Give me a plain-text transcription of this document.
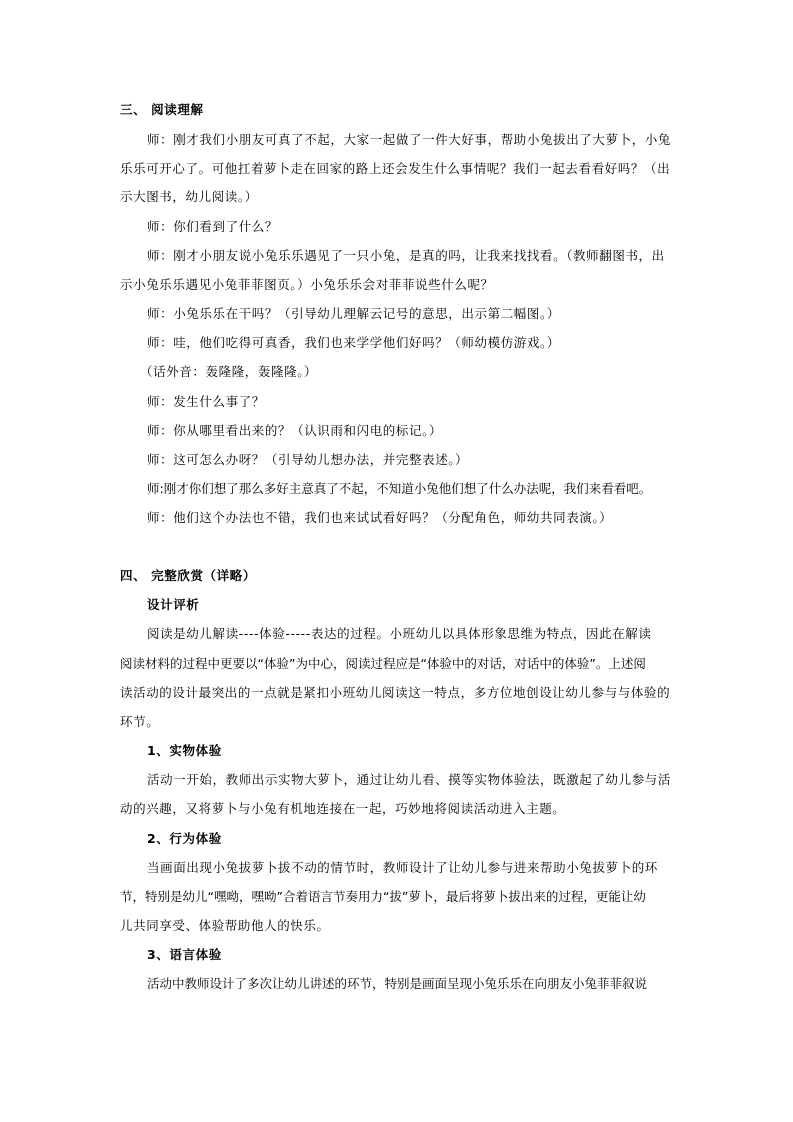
三、 阅读理解
师：刚才我们小朋友可真了不起，大家一起做了一件大好事，帮助小兔拔出了大萝卜，小兔
乐乐可开心了。可他扛着萝卜走在回家的路上还会发生什么事情呢？我们一起去看看好吗？（出
示大图书，幼儿阅读。）
师：你们看到了什么？
师：刚才小朋友说小兔乐乐遇见了一只小兔，是真的吗，让我来找找看。（教师翻图书，出
示小兔乐乐遇见小兔菲菲图页。）小兔乐乐会对菲菲说些什么呢？
师：小兔乐乐在干吗？（引导幼儿理解云记号的意思，出示第二幅图。）
师：哇，他们吃得可真香，我们也来学学他们好吗？（师幼模仿游戏。）
（话外音：轰隆隆，轰隆隆。）
师：发生什么事了？
师：你从哪里看出来的？（认识雨和闪电的标记。）
师：这可怎么办呀？（引导幼儿想办法，并完整表述。）
师:刚才你们想了那么多好主意真了不起，不知道小兔他们想了什么办法呢，我们来看看吧。
师：他们这个办法也不错，我们也来试试看好吗？（分配角色，师幼共同表演。）
四、 完整欣赏（详略）
设计评析
阅读是幼儿解读----体验-----表达的过程。小班幼儿以具体形象思维为特点，因此在解读
阅读材料的过程中更要以“体验”为中心，阅读过程应是“体验中的对话，对话中的体验”。上述阅
读活动的设计最突出的一点就是紧扣小班幼儿阅读这一特点，多方位地创设让幼儿参与与体验的
环节。
1、实物体验
活动一开始，教师出示实物大萝卜，通过让幼儿看、摸等实物体验法，既激起了幼儿参与活
动的兴趣，又将萝卜与小兔有机地连接在一起，巧妙地将阅读活动进入主题。
2、行为体验
当画面出现小兔拔萝卜拔不动的情节时，教师设计了让幼儿参与进来帮助小兔拔萝卜的环
节，特别是幼儿“嘿呦，嘿呦”合着语言节奏用力“拔”萝卜，最后将萝卜拔出来的过程，更能让幼
儿共同享受、体验帮助他人的快乐。
3、语言体验
活动中教师设计了多次让幼儿讲述的环节，特别是画面呈现小兔乐乐在向朋友小兔菲菲叙说
